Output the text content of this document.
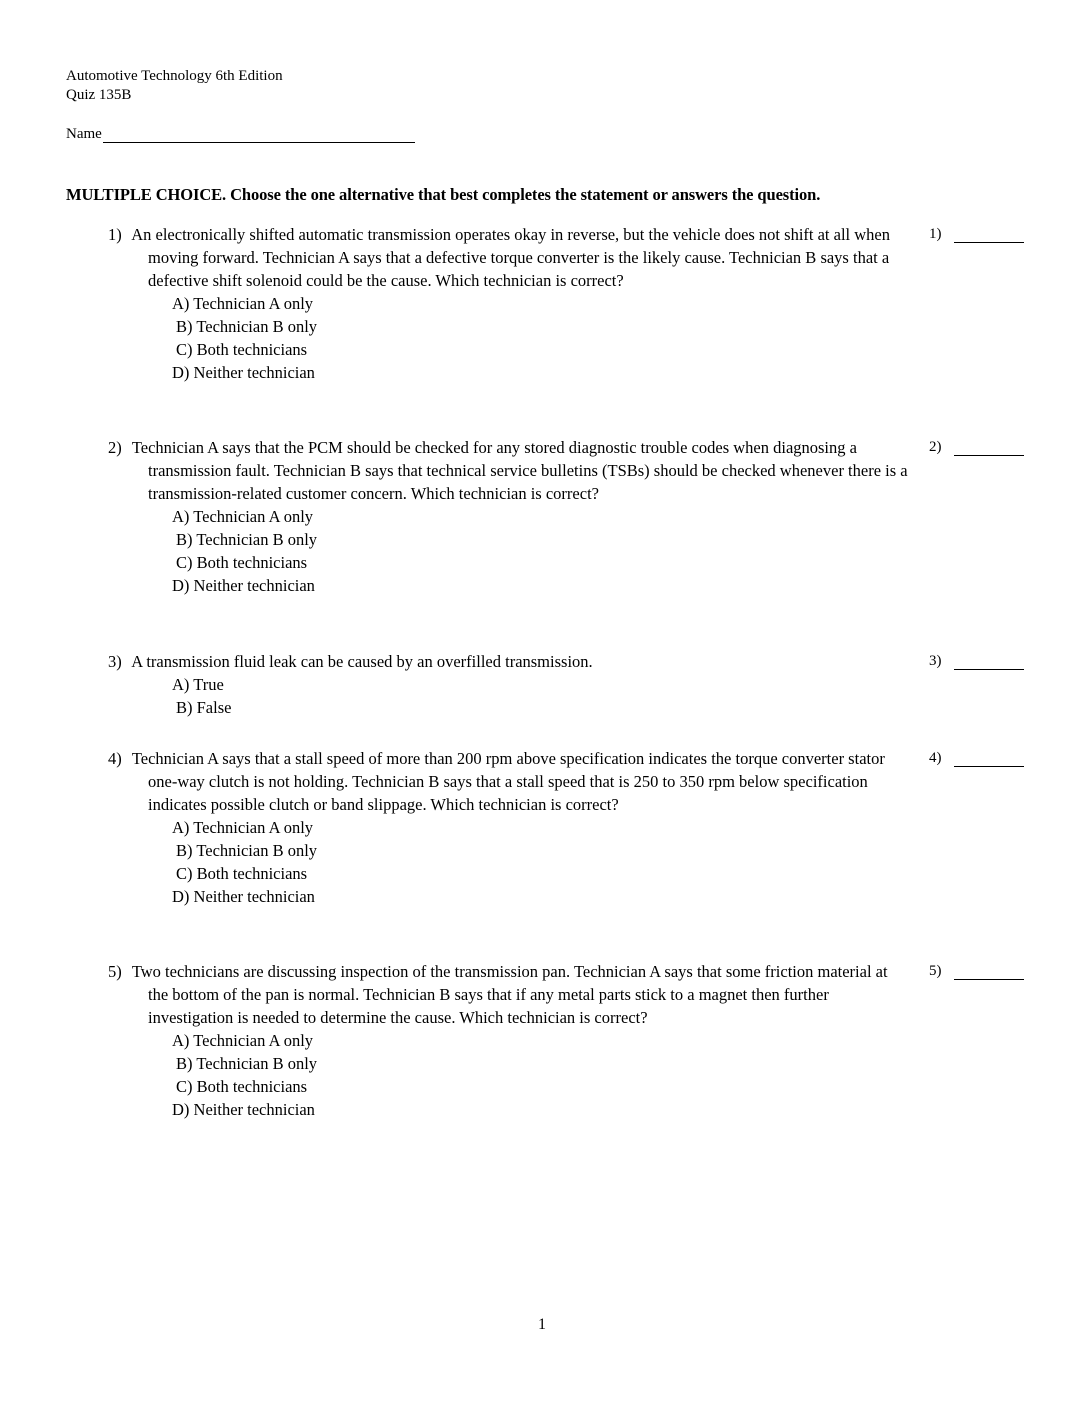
Automotive Technology 6th Edition
Quiz 135B
Name
MULTIPLE CHOICE. Choose the one alternative that best completes the statement or answers the question.
1) An electronically shifted automatic transmission operates okay in reverse, but the vehicle does not shift at all when moving forward. Technician A says that a defective torque converter is the likely cause. Technician B says that a defective shift solenoid could be the cause. Which technician is correct?
A) Technician A only
B) Technician B only
C) Both technicians
D) Neither technician
1)
2) Technician A says that the PCM should be checked for any stored diagnostic trouble codes when diagnosing a transmission fault. Technician B says that technical service bulletins (TSBs) should be checked whenever there is a transmission-related customer concern. Which technician is correct?
A) Technician A only
B) Technician B only
C) Both technicians
D) Neither technician
2)
3) A transmission fluid leak can be caused by an overfilled transmission.
A) True
B) False
3)
4) Technician A says that a stall speed of more than 200 rpm above specification indicates the torque converter stator one-way clutch is not holding. Technician B says that a stall speed that is 250 to 350 rpm below specification indicates possible clutch or band slippage. Which technician is correct?
A) Technician A only
B) Technician B only
C) Both technicians
D) Neither technician
4)
5) Two technicians are discussing inspection of the transmission pan. Technician A says that some friction material at the bottom of the pan is normal. Technician B says that if any metal parts stick to a magnet then further investigation is needed to determine the cause. Which technician is correct?
A) Technician A only
B) Technician B only
C) Both technicians
D) Neither technician
5)
1
